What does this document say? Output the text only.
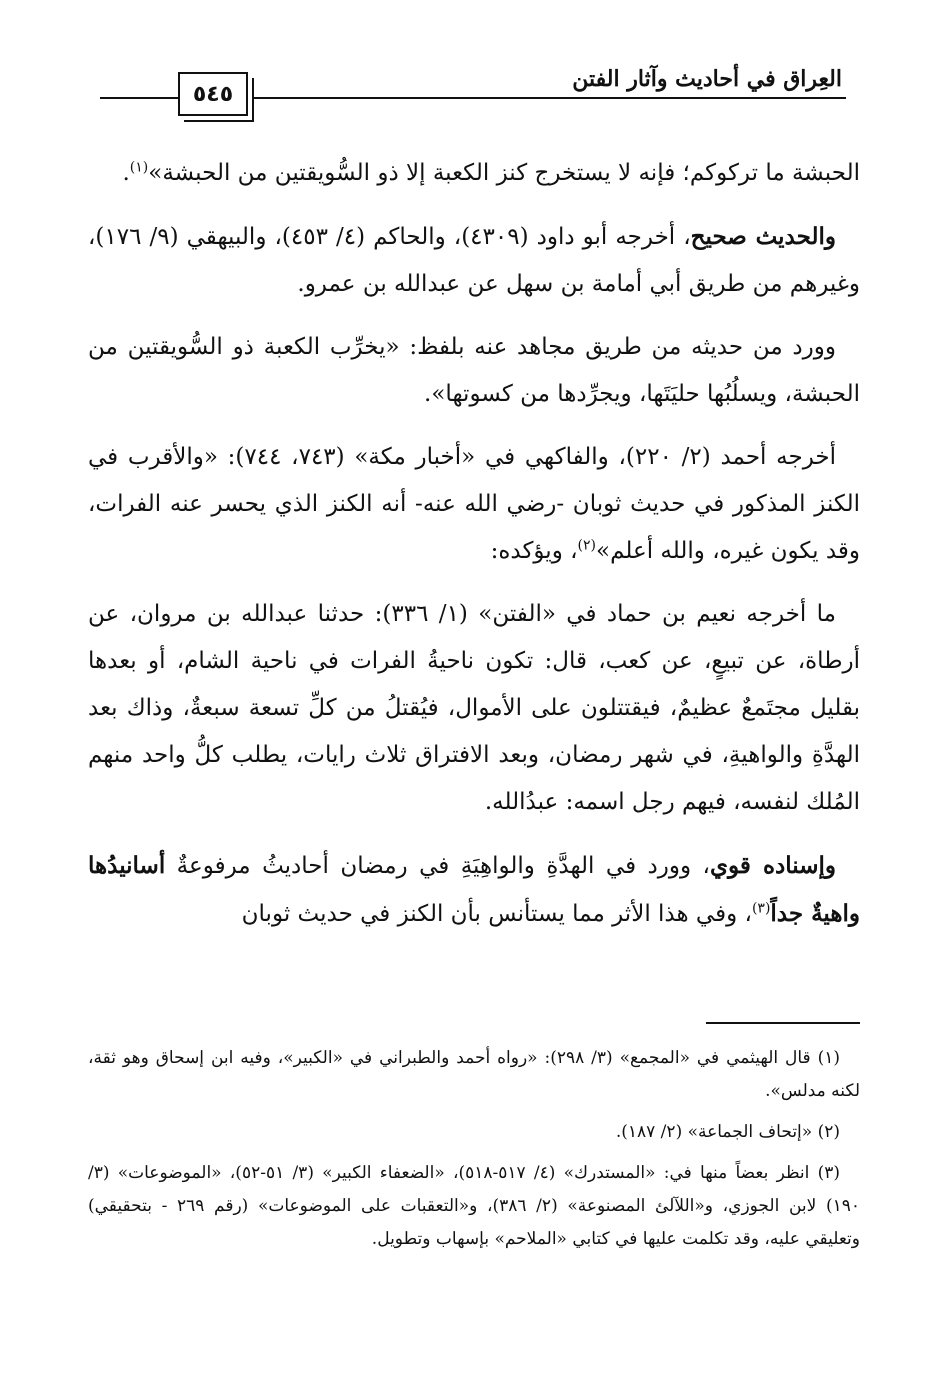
٥٤٥
العِراق في أحاديث وآثار الفتن

الحبشة ما تركوكم؛ فإنه لا يستخرج كنز الكعبة إلا ذو السُّويقتين من الحبشة»$^{(١)}$.

والحديث صحيح، أخرجه أبو داود (٤٣٠٩)، والحاكم (٤/ ٤٥٣)، والبيهقي (٩/ ١٧٦)، وغيرهم من طريق أبي أمامة بن سهل عن عبدالله بن عمرو.

وورد من حديثه من طريق مجاهد عنه بلفظ: «يخرِّب الكعبة ذو السُّويقتين من الحبشة، ويسلُبُها حليَتَها، ويجرِّدها من كسوتها».

أخرجه أحمد (٢/ ٢٢٠)، والفاكهي في «أخبار مكة» (٧٤٣، ٧٤٤): «والأقرب في الكنز المذكور في حديث ثوبان -رضي الله عنه- أنه الكنز الذي يحسر عنه الفرات، وقد يكون غيره، والله أعلم»$^{(٢)}$، ويؤكده:

ما أخرجه نعيم بن حماد في «الفتن» (١/ ٣٣٦): حدثنا عبدالله بن مروان، عن أرطاة، عن تبيعٍ، عن كعب، قال: تكون ناحيةُ الفرات في ناحية الشام، أو بعدها بقليل مجتَمعٌ عظيمٌ، فيقتتلون على الأموال، فيُقتلُ من كلِّ تسعة سبعةٌ، وذاك بعد الهدَّةِ والواهيةِ، في شهر رمضان، وبعد الافتراق ثلاث رايات، يطلب كلُّ واحد منهم المُلك لنفسه، فيهم رجل اسمه: عبدُالله.

وإسناده قوي، وورد في الهدَّةِ والواهِيَةِ في رمضان أحاديثُ مرفوعةٌ أسانيدُها واهيةٌ جداً$^{(٣)}$، وفي هذا الأثر مما يستأنس بأن الكنز في حديث ثوبان

(١) قال الهيثمي في «المجمع» (٣/ ٢٩٨): «رواه أحمد والطبراني في «الكبير»، وفيه ابن إسحاق وهو ثقة، لكنه مدلس».

(٢) «إتحاف الجماعة» (٢/ ١٨٧).

(٣) انظر بعضاً منها في: «المستدرك» (٤/ ٥١٧-٥١٨)، «الضعفاء الكبير» (٣/ ٥١-٥٢)، «الموضوعات» (٣/ ١٩٠) لابن الجوزي، و«اللآلئ المصنوعة» (٢/ ٣٨٦)، و«التعقبات على الموضوعات» (رقم ٢٦٩ - بتحقيقي) وتعليقي عليه، وقد تكلمت عليها في كتابي «الملاحم» بإسهاب وتطويل.
